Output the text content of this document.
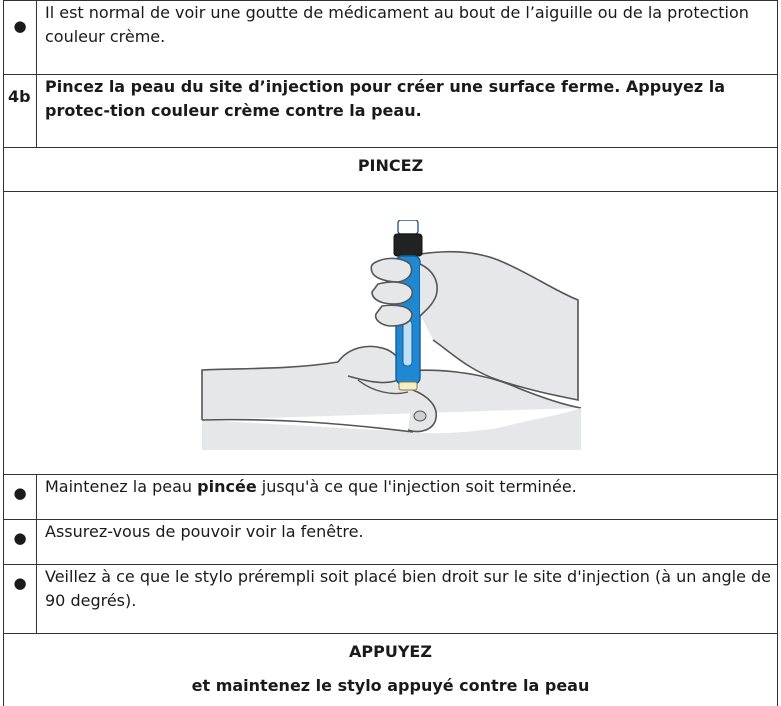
●	Il est normal de voir une goutte de médicament au bout de l’aiguille ou de la protection couleur crème.
4b	Pincez la peau du site d’injection pour créer une surface ferme. Appuyez la protec-tion couleur crème contre la peau.
PINCEZ	

●	Maintenez la peau pincée jusqu'à ce que l'injection soit terminée.
●	Assurez-vous de pouvoir voir la fenêtre.
●	Veillez à ce que le stylo prérempli soit placé bien droit sur le site d'injection (à un angle de 90 degrés).

APPUYEZ
et maintenez le stylo appuyé contre la peau	
